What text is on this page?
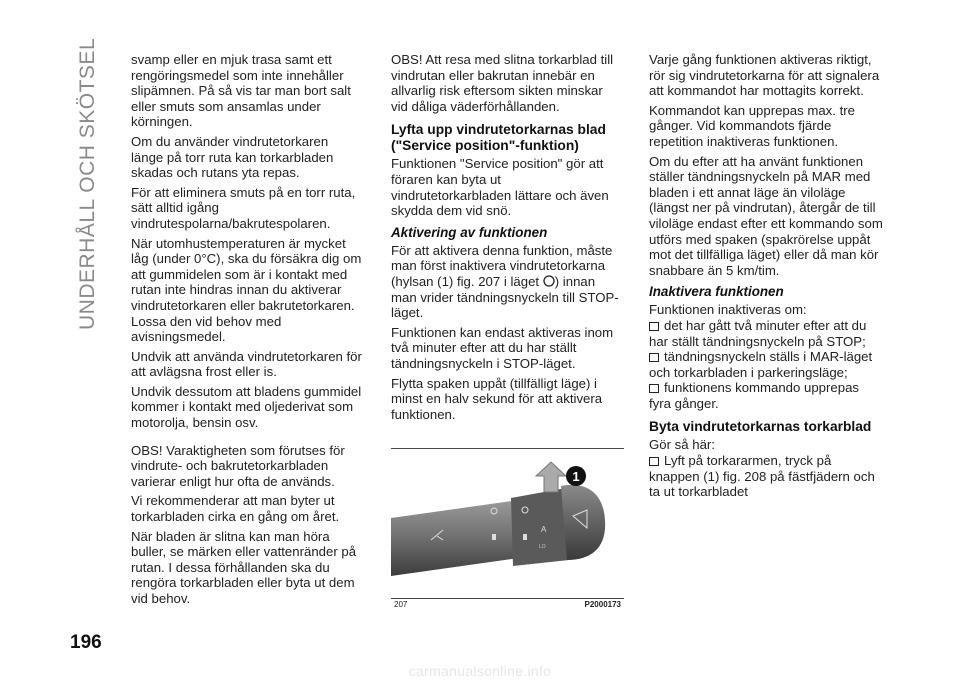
UNDERHÅLL OCH SKÖTSEL svamp eller en mjuk trasa samt ett rengöringsmedel som inte innehåller slipämnen. På så vis tar man bort salt eller smuts som ansamlas under körningen.

Om du använder vindrutetorkaren länge på torr ruta kan torkarbladen skadas och rutans yta repas.

För att eliminera smuts på en torr ruta, sätt alltid igång vindrutespolarna/bakrutespolaren.

När utomhustemperaturen är mycket låg (under 0°C), ska du försäkra dig om att gummidelen som är i kontakt med rutan inte hindras innan du aktiverar vindrutetorkaren eller bakrutetorkaren. Lossa den vid behov med avisningsmedel.

Undvik att använda vindrutetorkaren för att avlägsna frost eller is.

Undvik dessutom att bladens gummidel kommer i kontakt med oljederivat som motorolja, bensin osv.

OBS! Varaktigheten som förutses för vindrute- och bakrutetorkarbladen varierar enligt hur ofta de används.

Vi rekommenderar att man byter ut torkarbladen cirka en gång om året.

När bladen är slitna kan man höra buller, se märken eller vattenränder på rutan. I dessa förhållanden ska du rengöra torkarbladen eller byta ut dem vid behov.

OBS! Att resa med slitna torkarblad till vindrutan eller bakrutan innebär en allvarlig risk eftersom sikten minskar vid dåliga väderförhållanden.

Lyfta upp vindrutetorkarnas blad ("Service position"-funktion)

Funktionen "Service position" gör att föraren kan byta ut vindrutetorkarbladen lättare och även skydda dem vid snö.

Aktivering av funktionen

För att aktivera denna funktion, måste man först inaktivera vindrutetorkarna (hylsan (1) fig. 207 i läget ) innan man vrider tändningsnyckeln till STOP-läget.

Funktionen kan endast aktiveras inom två minuter efter att du har ställt tändningsnyckeln i STOP-läget.

Flytta spaken uppåt (tillfälligt läge) i minst en halv sekund för att aktivera funktionen.

1
A
LO
207	P2000173

Varje gång funktionen aktiveras riktigt, rör sig vindrutetorkarna för att signalera att kommandot har mottagits korrekt.

Kommandot kan upprepas max. tre gånger. Vid kommandots fjärde repetition inaktiveras funktionen.

Om du efter att ha använt funktionen ställer tändningsnyckeln på MAR med bladen i ett annat läge än viloläge (längst ner på vindrutan), återgår de till viloläge endast efter ett kommando som utförs med spaken (spakrörelse uppåt mot det tillfälliga läget) eller då man kör snabbare än 5 km/tim.

Inaktivera funktionen

Funktionen inaktiveras om:

det har gått två minuter efter att du har ställt tändningsnyckeln på STOP;

tändningsnyckeln ställs i MAR-läget och torkarbladen i parkeringsläge;

funktionens kommando upprepas fyra gånger.

Byta vindrutetorkarnas torkarblad

Gör så här:

Lyft på torkararmen, tryck på knappen (1) fig. 208 på fästfjädern och ta ut torkarbladet

196
carmanualsonline.info
